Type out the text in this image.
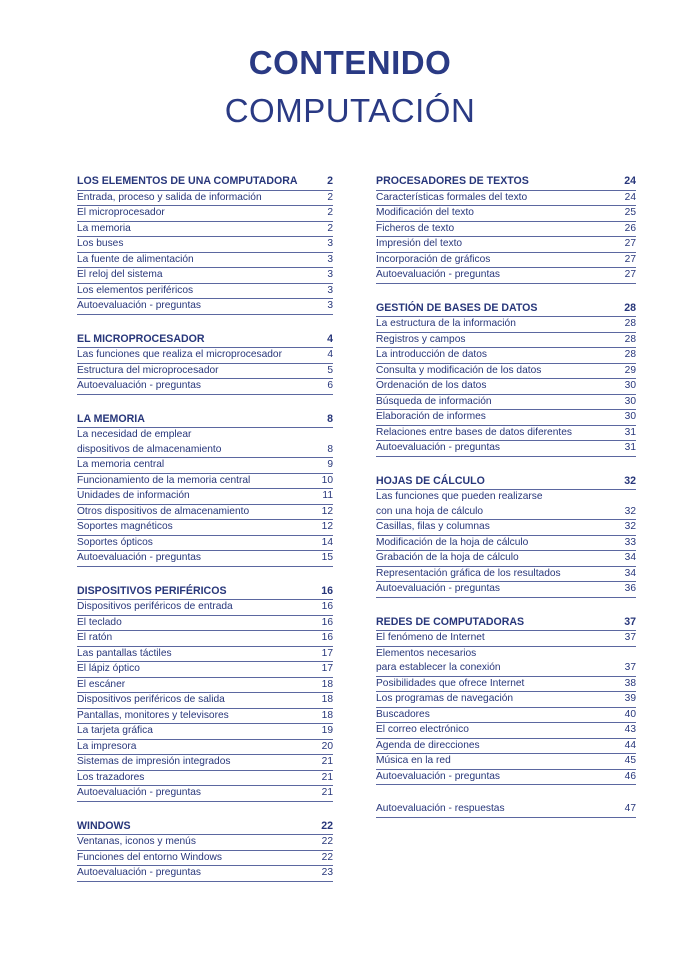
CONTENIDO
COMPUTACIÓN
LOS ELEMENTOS DE UNA COMPUTADORA	2
Entrada, proceso y salida de información	2
El microprocesador	2
La memoria	2
Los buses	3
La fuente de alimentación	3
El reloj del sistema	3
Los elementos periféricos	3
Autoevaluación - preguntas	3
EL MICROPROCESADOR	4
Las funciones que realiza el microprocesador	4
Estructura del microprocesador	5
Autoevaluación - preguntas	6
LA MEMORIA	8
La necesidad de emplear
dispositivos de almacenamiento	8
La memoria central	9
Funcionamiento de la memoria central	10
Unidades de información	11
Otros dispositivos de almacenamiento	12
Soportes magnéticos	12
Soportes ópticos	14
Autoevaluación - preguntas	15
DISPOSITIVOS PERIFÉRICOS	16
Dispositivos periféricos de entrada	16
El teclado	16
El ratón	16
Las pantallas táctiles	17
El lápiz óptico	17
El escáner	18
Dispositivos periféricos de salida	18
Pantallas, monitores y televisores	18
La tarjeta gráfica	19
La impresora	20
Sistemas de impresión integrados	21
Los trazadores	21
Autoevaluación - preguntas	21
WINDOWS	22
Ventanas, iconos y menús	22
Funciones del entorno Windows	22
Autoevaluación - preguntas	23
PROCESADORES DE TEXTOS	24
Características formales del texto	24
Modificación del texto	25
Ficheros de texto	26
Impresión del texto	27
Incorporación de gráficos	27
Autoevaluación - preguntas	27
GESTIÓN DE BASES DE DATOS	28
La estructura de la información	28
Registros y campos	28
La introducción de datos	28
Consulta y modificación de los datos	29
Ordenación de los datos	30
Búsqueda de información	30
Elaboración de informes	30
Relaciones entre bases de datos diferentes	31
Autoevaluación - preguntas	31
HOJAS DE CÁLCULO	32
Las funciones que pueden realizarse
con una hoja de cálculo	32
Casillas, filas y columnas	32
Modificación de la hoja de cálculo	33
Grabación de la hoja de cálculo	34
Representación gráfica de los resultados	34
Autoevaluación - preguntas	36
REDES DE COMPUTADORAS	37
El fenómeno de Internet	37
Elementos necesarios
para establecer la conexión	37
Posibilidades que ofrece Internet	38
Los programas de navegación	39
Buscadores	40
El correo electrónico	43
Agenda de direcciones	44
Música en la red	45
Autoevaluación - preguntas	46
Autoevaluación - respuestas	47
